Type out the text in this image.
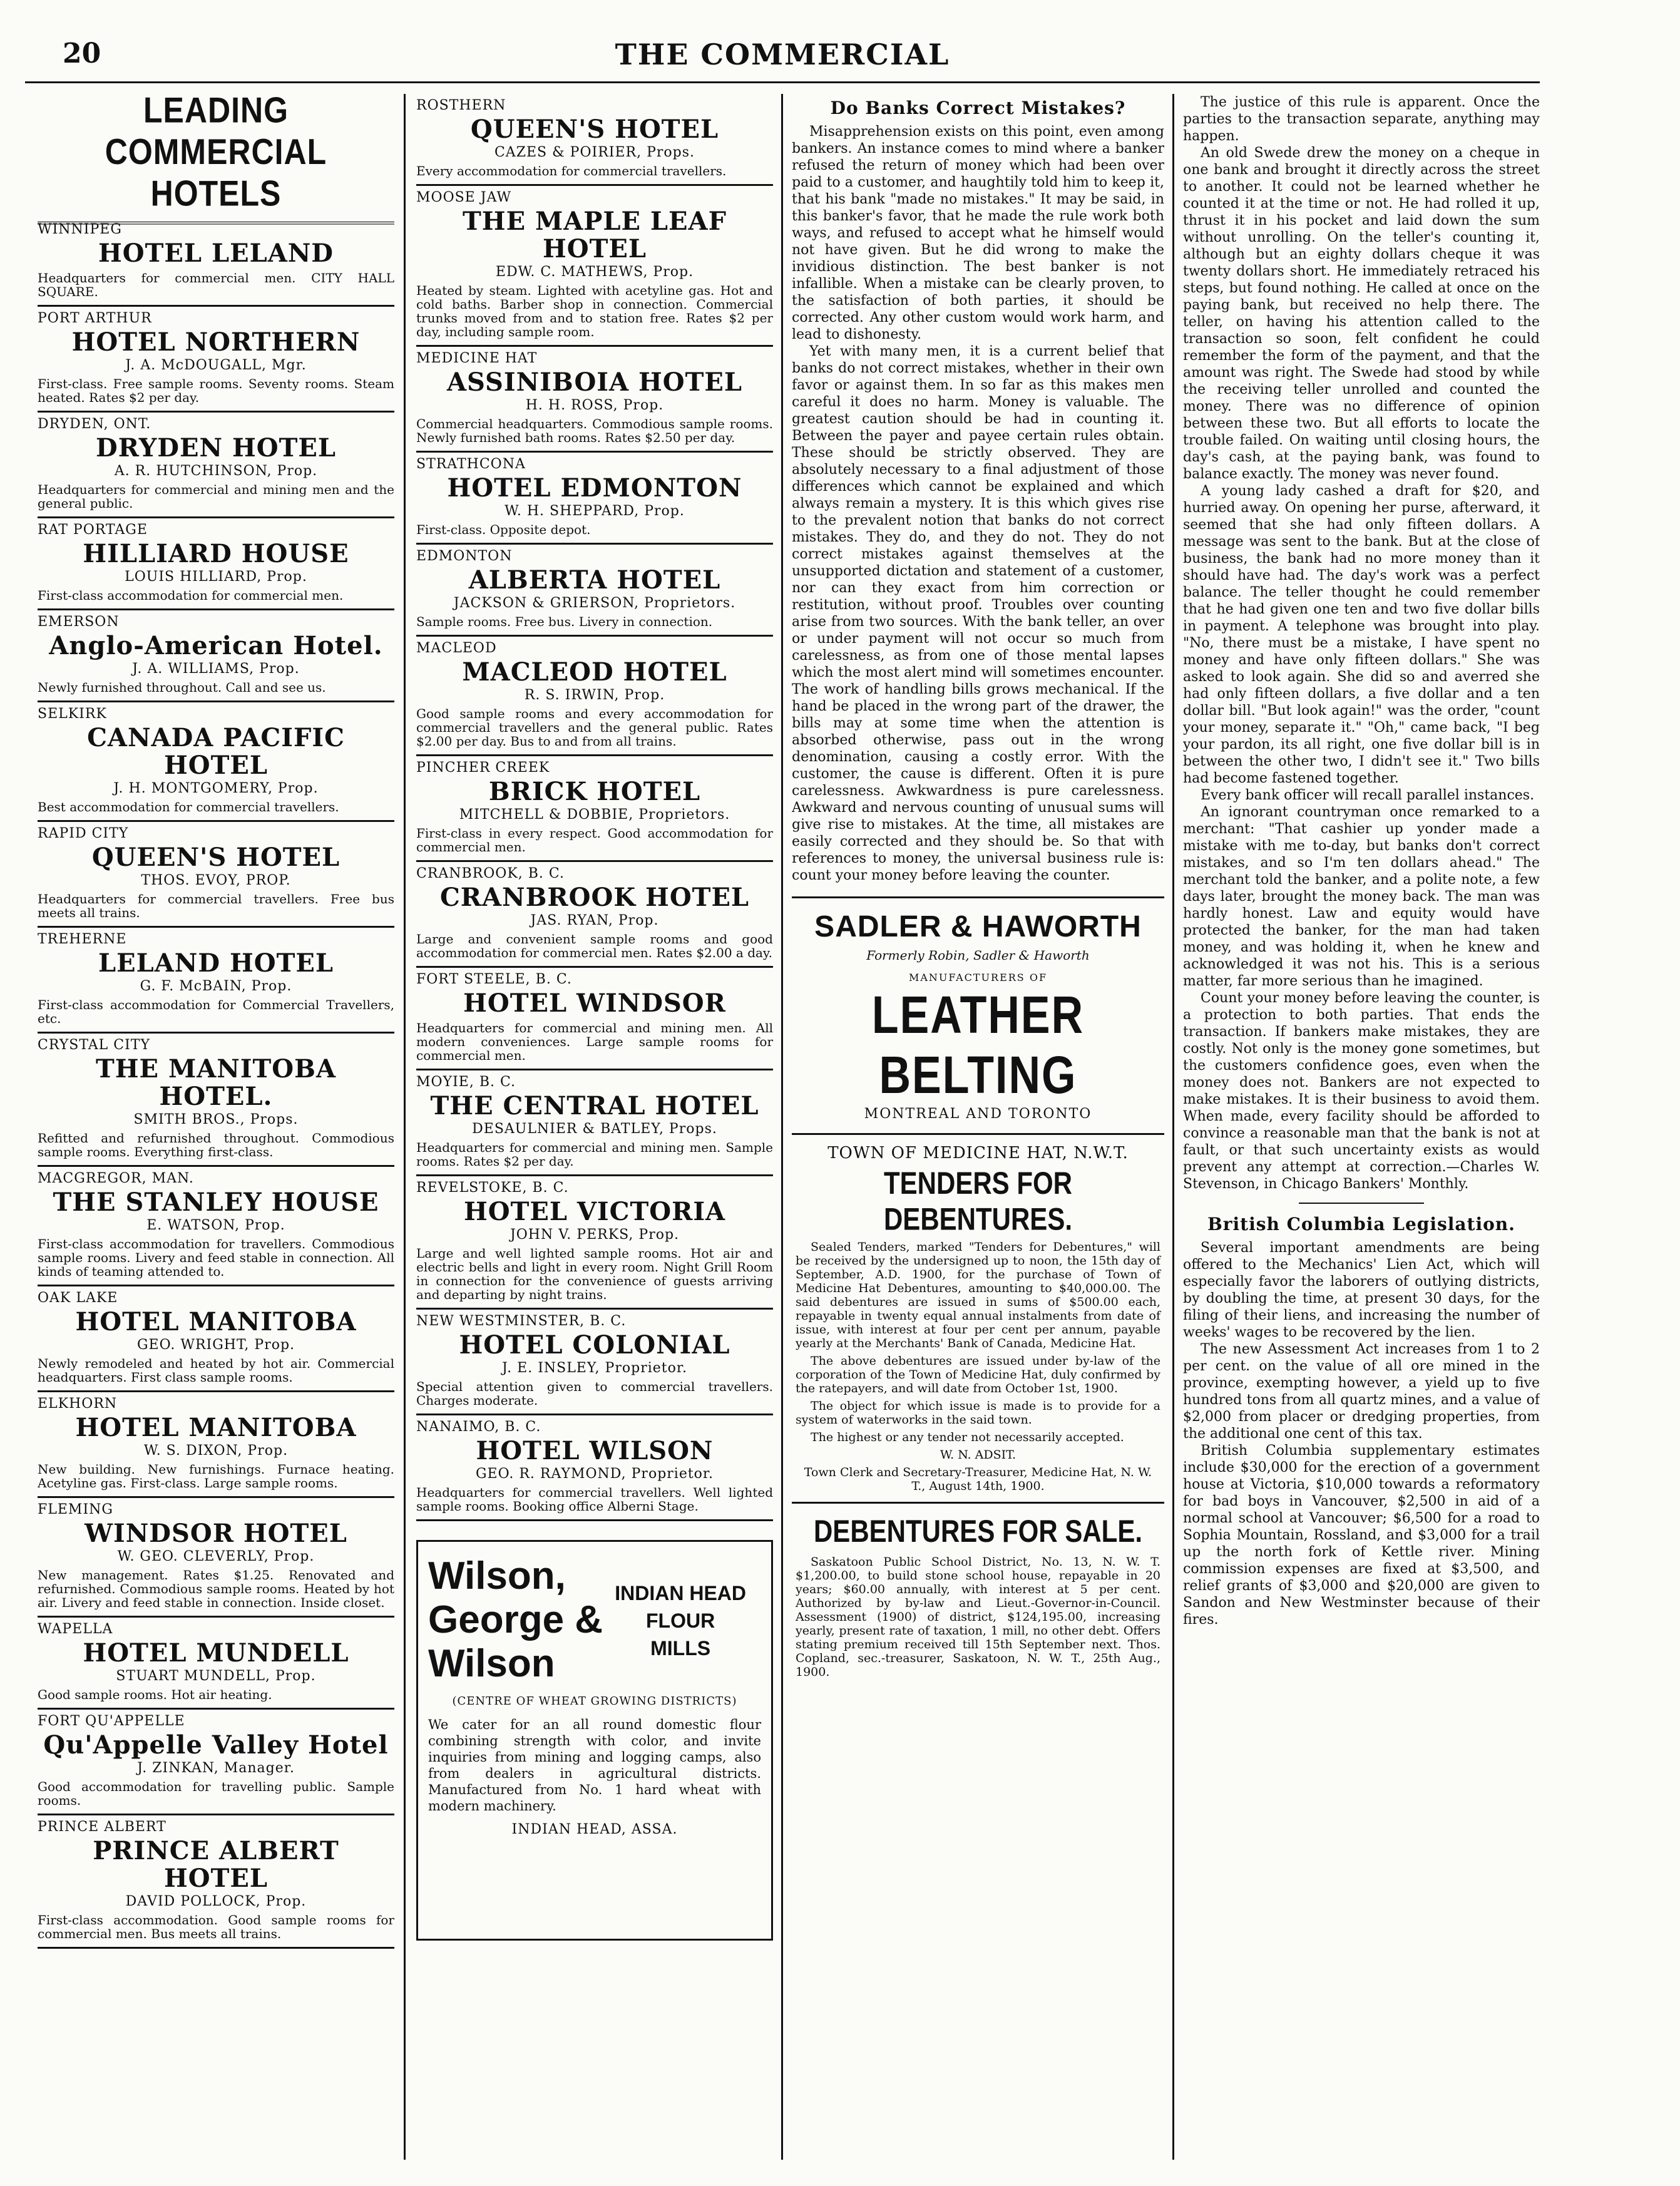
20	THE COMMERCIAL
LEADING COMMERCIAL HOTELS
WINNIPEG
HOTEL LELAND
Headquarters for commercial men. CITY HALL SQUARE.
PORT ARTHUR
HOTEL NORTHERN
J. A. McDOUGALL, Mgr.
First-class. Free sample rooms. Seventy rooms. Steam heated. Rates $2 per day.
DRYDEN, ONT.
DRYDEN HOTEL
A. R. HUTCHINSON, Prop.
Headquarters for commercial and mining men and the general public.
RAT PORTAGE
HILLIARD HOUSE
LOUIS HILLIARD, Prop.
First-class accommodation for commercial men.
EMERSON
Anglo-American Hotel.
J. A. WILLIAMS, Prop.
Newly furnished throughout. Call and see us.
SELKIRK
CANADA PACIFIC HOTEL
J. H. MONTGOMERY, Prop.
Best accommodation for commercial travellers.
RAPID CITY
QUEEN'S HOTEL
THOS. EVOY, PROP.
Headquarters for commercial travellers. Free bus meets all trains.
TREHERNE
LELAND HOTEL
G. F. McBAIN, Prop.
First-class accommodation for Commercial Travellers, etc.
CRYSTAL CITY
THE MANITOBA HOTEL.
SMITH BROS., Props.
Refitted and refurnished throughout. Commodious sample rooms. Everything first-class.
MACGREGOR, MAN.
THE STANLEY HOUSE
E. WATSON, Prop.
First-class accommodation for travellers. Commodious sample rooms. Livery and feed stable in connection. All kinds of teaming attended to.
OAK LAKE
HOTEL MANITOBA
GEO. WRIGHT, Prop.
Newly remodeled and heated by hot air. Commercial headquarters. First class sample rooms.
ELKHORN
HOTEL MANITOBA
W. S. DIXON, Prop.
New building. New furnishings. Furnace heating. Acetyline gas. First-class. Large sample rooms.
FLEMING
WINDSOR HOTEL
W. GEO. CLEVERLY, Prop.
New management. Rates $1.25. Renovated and refurnished. Commodious sample rooms. Heated by hot air. Livery and feed stable in connection. Inside closet.
WAPELLA
HOTEL MUNDELL
STUART MUNDELL, Prop.
Good sample rooms. Hot air heating.
FORT QU'APPELLE
Qu'Appelle Valley Hotel
J. ZINKAN, Manager.
Good accommodation for travelling public. Sample rooms.
PRINCE ALBERT
PRINCE ALBERT HOTEL
DAVID POLLOCK, Prop.
First-class accommodation. Good sample rooms for commercial men. Bus meets all trains.
ROSTHERN
QUEEN'S HOTEL
CAZES & POIRIER, Props.
Every accommodation for commercial travellers.
MOOSE JAW
THE MAPLE LEAF HOTEL
EDW. C. MATHEWS, Prop.
Heated by steam. Lighted with acetyline gas. Hot and cold baths. Barber shop in connection. Commercial trunks moved from and to station free. Rates $2 per day, including sample room.
MEDICINE HAT
ASSINIBOIA HOTEL
H. H. ROSS, Prop.
Commercial headquarters. Commodious sample rooms. Newly furnished bath rooms. Rates $2.50 per day.
STRATHCONA
HOTEL EDMONTON
W. H. SHEPPARD, Prop.
First-class. Opposite depot.
EDMONTON
ALBERTA HOTEL
JACKSON & GRIERSON, Proprietors.
Sample rooms. Free bus. Livery in connection.
MACLEOD
MACLEOD HOTEL
R. S. IRWIN, Prop.
Good sample rooms and every accommodation for commercial travellers and the general public. Rates $2.00 per day. Bus to and from all trains.
PINCHER CREEK
BRICK HOTEL
MITCHELL & DOBBIE, Proprietors.
First-class in every respect. Good accommodation for commercial men.
CRANBROOK, B. C.
CRANBROOK HOTEL
JAS. RYAN, Prop.
Large and convenient sample rooms and good accommodation for commercial men. Rates $2.00 a day.
FORT STEELE, B. C.
HOTEL WINDSOR
Headquarters for commercial and mining men. All modern conveniences. Large sample rooms for commercial men.
MOYIE, B. C.
THE CENTRAL HOTEL
DESAULNIER & BATLEY, Props.
Headquarters for commercial and mining men. Sample rooms. Rates $2 per day.
REVELSTOKE, B. C.
HOTEL VICTORIA
JOHN V. PERKS, Prop.
Large and well lighted sample rooms. Hot air and electric bells and light in every room. Night Grill Room in connection for the convenience of guests arriving and departing by night trains.
NEW WESTMINSTER, B. C.
HOTEL COLONIAL
J. E. INSLEY, Proprietor.
Special attention given to commercial travellers. Charges moderate.
NANAIMO, B. C.
HOTEL WILSON
GEO. R. RAYMOND, Proprietor.
Headquarters for commercial travellers. Well lighted sample rooms. Booking office Alberni Stage.
Wilson,
George &
Wilson
INDIAN HEAD
FLOUR
MILLS
(CENTRE OF WHEAT GROWING DISTRICTS)
We cater for an all round domestic flour combining strength with color, and invite inquiries from mining and logging camps, also from dealers in agricultural districts. Manufactured from No. 1 hard wheat with modern machinery.
INDIAN HEAD, ASSA.
Do Banks Correct Mistakes?

Misapprehension exists on this point, even among bankers. An instance comes to mind where a banker refused the return of money which had been over paid to a customer, and haughtily told him to keep it, that his bank "made no mistakes." It may be said, in this banker's favor, that he made the rule work both ways, and refused to accept what he himself would not have given. But he did wrong to make the invidious distinction. The best banker is not infallible. When a mistake can be clearly proven, to the satisfaction of both parties, it should be corrected. Any other custom would work harm, and lead to dishonesty.

Yet with many men, it is a current belief that banks do not correct mistakes, whether in their own favor or against them. In so far as this makes men careful it does no harm. Money is valuable. The greatest caution should be had in counting it. Between the payer and payee certain rules obtain. These should be strictly observed. They are absolutely necessary to a final adjustment of those differences which cannot be explained and which always remain a mystery. It is this which gives rise to the prevalent notion that banks do not correct mistakes. They do, and they do not. They do not correct mistakes against themselves at the unsupported dictation and statement of a customer, nor can they exact from him correction or restitution, without proof. Troubles over counting arise from two sources. With the bank teller, an over or under payment will not occur so much from carelessness, as from one of those mental lapses which the most alert mind will sometimes encounter. The work of handling bills grows mechanical. If the hand be placed in the wrong part of the drawer, the bills may at some time when the attention is absorbed otherwise, pass out in the wrong denomination, causing a costly error. With the customer, the cause is different. Often it is pure carelessness. Awkwardness is pure carelessness. Awkward and nervous counting of unusual sums will give rise to mistakes. At the time, all mistakes are easily corrected and they should be. So that with references to money, the universal business rule is: count your money before leaving the counter.

SADLER & HAWORTH
Formerly Robin, Sadler & Haworth
MANUFACTURERS OF
LEATHER BELTING
MONTREAL AND TORONTO
TOWN OF MEDICINE HAT, N.W.T.
TENDERS FOR DEBENTURES.

Sealed Tenders, marked "Tenders for Debentures," will be received by the undersigned up to noon, the 15th day of September, A.D. 1900, for the purchase of Town of Medicine Hat Debentures, amounting to $40,000.00. The said debentures are issued in sums of $500.00 each, repayable in twenty equal annual instalments from date of issue, with interest at four per cent per annum, payable yearly at the Merchants' Bank of Canada, Medicine Hat.

The above debentures are issued under by-law of the corporation of the Town of Medicine Hat, duly confirmed by the ratepayers, and will date from October 1st, 1900.

The object for which issue is made is to provide for a system of waterworks in the said town.

The highest or any tender not necessarily accepted.

W. N. ADSIT.
Town Clerk and Secretary-Treasurer, Medicine Hat, N. W. T., August 14th, 1900.
DEBENTURES FOR SALE.

Saskatoon Public School District, No. 13, N. W. T. $1,200.00, to build stone school house, repayable in 20 years; $60.00 annually, with interest at 5 per cent. Authorized by by-law and Lieut.-Governor-in-Council. Assessment (1900) of district, $124,195.00, increasing yearly, present rate of taxation, 1 mill, no other debt. Offers stating premium received till 15th September next. Thos. Copland, sec.-treasurer, Saskatoon, N. W. T., 25th Aug., 1900.

The justice of this rule is apparent. Once the parties to the transaction separate, anything may happen.

An old Swede drew the money on a cheque in one bank and brought it directly across the street to another. It could not be learned whether he counted it at the time or not. He had rolled it up, thrust it in his pocket and laid down the sum without unrolling. On the teller's counting it, although but an eighty dollars cheque it was twenty dollars short. He immediately retraced his steps, but found nothing. He called at once on the paying bank, but received no help there. The teller, on having his attention called to the transaction so soon, felt confident he could remember the form of the payment, and that the amount was right. The Swede had stood by while the receiving teller unrolled and counted the money. There was no difference of opinion between these two. But all efforts to locate the trouble failed. On waiting until closing hours, the day's cash, at the paying bank, was found to balance exactly. The money was never found.

A young lady cashed a draft for $20, and hurried away. On opening her purse, afterward, it seemed that she had only fifteen dollars. A message was sent to the bank. But at the close of business, the bank had no more money than it should have had. The day's work was a perfect balance. The teller thought he could remember that he had given one ten and two five dollar bills in payment. A telephone was brought into play. "No, there must be a mistake, I have spent no money and have only fifteen dollars." She was asked to look again. She did so and averred she had only fifteen dollars, a five dollar and a ten dollar bill. "But look again!" was the order, "count your money, separate it." "Oh," came back, "I beg your pardon, its all right, one five dollar bill is in between the other two, I didn't see it." Two bills had become fastened together.

Every bank officer will recall parallel instances.

An ignorant countryman once remarked to a merchant: "That cashier up yonder made a mistake with me to-day, but banks don't correct mistakes, and so I'm ten dollars ahead." The merchant told the banker, and a polite note, a few days later, brought the money back. The man was hardly honest. Law and equity would have protected the banker, for the man had taken money, and was holding it, when he knew and acknowledged it was not his. This is a serious matter, far more serious than he imagined.

Count your money before leaving the counter, is a protection to both parties. That ends the transaction. If bankers make mistakes, they are costly. Not only is the money gone sometimes, but the customers confidence goes, even when the money does not. Bankers are not expected to make mistakes. It is their business to avoid them. When made, every facility should be afforded to convince a reasonable man that the bank is not at fault, or that such uncertainty exists as would prevent any attempt at correction.—Charles W. Stevenson, in Chicago Bankers' Monthly.

British Columbia Legislation.

Several important amendments are being offered to the Mechanics' Lien Act, which will especially favor the laborers of outlying districts, by doubling the time, at present 30 days, for the filing of their liens, and increasing the number of weeks' wages to be recovered by the lien.

The new Assessment Act increases from 1 to 2 per cent. on the value of all ore mined in the province, exempting however, a yield up to five hundred tons from all quartz mines, and a value of $2,000 from placer or dredging properties, from the additional one cent of this tax.

British Columbia supplementary estimates include $30,000 for the erection of a government house at Victoria, $10,000 towards a reformatory for bad boys in Vancouver, $2,500 in aid of a normal school at Vancouver; $6,500 for a road to Sophia Mountain, Rossland, and $3,000 for a trail up the north fork of Kettle river. Mining commission expenses are fixed at $3,500, and relief grants of $3,000 and $20,000 are given to Sandon and New Westminster because of their fires.
